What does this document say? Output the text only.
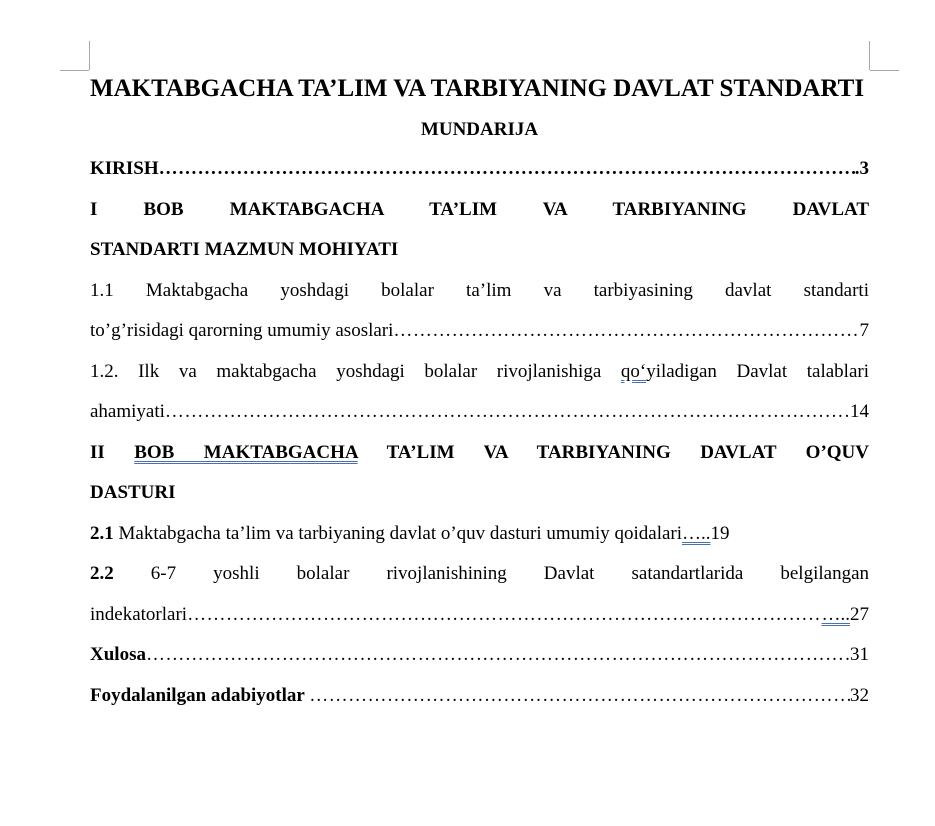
MAKTABGACHA TA’LIM VA TARBIYANING DAVLAT STANDARTI
MUNDARIJA
KIRISH ……………………………………………………………………………………………………………………………………………………………………………………………	.3
I BOB MAKTABGACHA TA’LIM VA TARBIYANING DAVLAT
STANDARTI MAZMUN MOHIYATI
1.1 Maktabgacha yoshdagi bolalar ta’lim va tarbiyasining davlat standarti
to’g’risidagi qarorning umumiy asoslari ……………………………………………………………………………………………………………………………………………………………………………………………	7
1.2. Ilk va maktabgacha yoshdagi bolalar rivojlanishiga qo‘yiladigan Davlat talablari
ahamiyati ……………………………………………………………………………………………………………………………………………………………………………………………	14
II BOB MAKTABGACHA TA’LIM VA TARBIYANING DAVLAT O’QUV
DASTURI
2.1 Maktabgacha ta’lim va tarbiyaning davlat o’quv dasturi umumiy qoidalari….. 19
2.2 6-7 yoshli bolalar rivojlanishining Davlat satandartlarida belgilangan
indekatorlari ……………………………………………………………………………………………………………………………………………………………………………………………	….. 27
Xulosa ……………………………………………………………………………………………………………………………………………………………………………………………	31
Foydalanilgan adabiyotlar ……………………………………………………………………………………………………………………………………………………………………………………………	32
